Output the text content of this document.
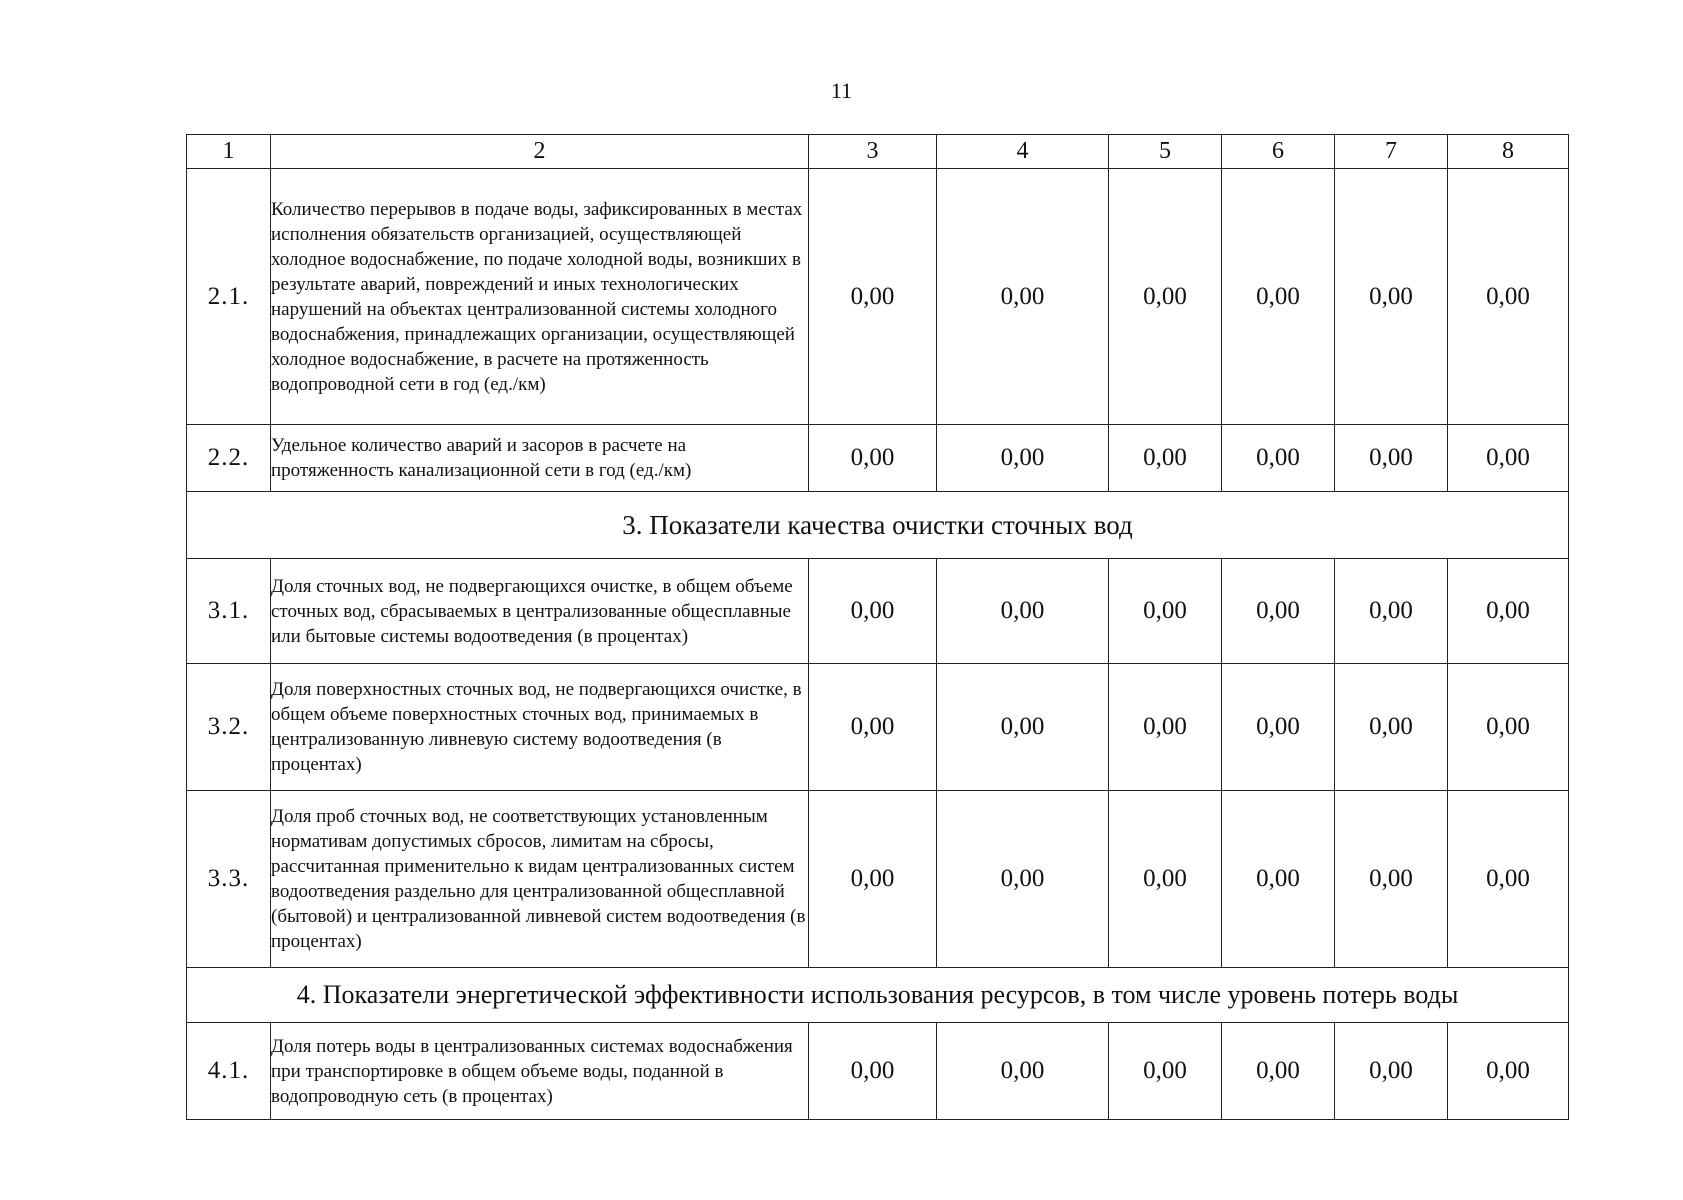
11
1	2	3	4	5	6	7	8
2.1.	Количество перерывов в подаче воды, зафиксированных в местах исполнения обязательств организацией, осуществляющей холодное водоснабжение, по подаче холодной воды, возникших в результате аварий, повреждений и иных технологических нарушений на объектах централизованной системы холодного водоснабжения, принадлежащих организации, осуществляющей холодное водоснабжение, в расчете на протяженность водопроводной сети в год (ед./км)	0,00	0,00	0,00	0,00	0,00	0,00
2.2.	Удельное количество аварий и засоров в расчете на протяженность канализационной сети в год (ед./км)	0,00	0,00	0,00	0,00	0,00	0,00
3. Показатели качества очистки сточных вод							
3.1.	Доля сточных вод, не подвергающихся очистке, в общем объеме сточных вод, сбрасываемых в централизованные общесплавные или бытовые системы водоотведения (в процентах)	0,00	0,00	0,00	0,00	0,00	0,00
3.2.	Доля поверхностных сточных вод, не подвергающихся очистке, в общем объеме поверхностных сточных вод, принимаемых в централизованную ливневую систему водоотведения (в процентах)	0,00	0,00	0,00	0,00	0,00	0,00
3.3.	Доля проб сточных вод, не соответствующих установленным нормативам допустимых сбросов, лимитам на сбросы, рассчитанная применительно к видам централизованных систем водоотведения раздельно для централизованной общесплавной (бытовой) и централизованной ливневой систем водоотведения (в процентах)	0,00	0,00	0,00	0,00	0,00	0,00
4. Показатели энергетической эффективности использования ресурсов, в том числе уровень потерь воды							
4.1.	Доля потерь воды в централизованных системах водоснабжения при транспортировке в общем объеме воды, поданной в водопроводную сеть (в процентах)	0,00	0,00	0,00	0,00	0,00	0,00
